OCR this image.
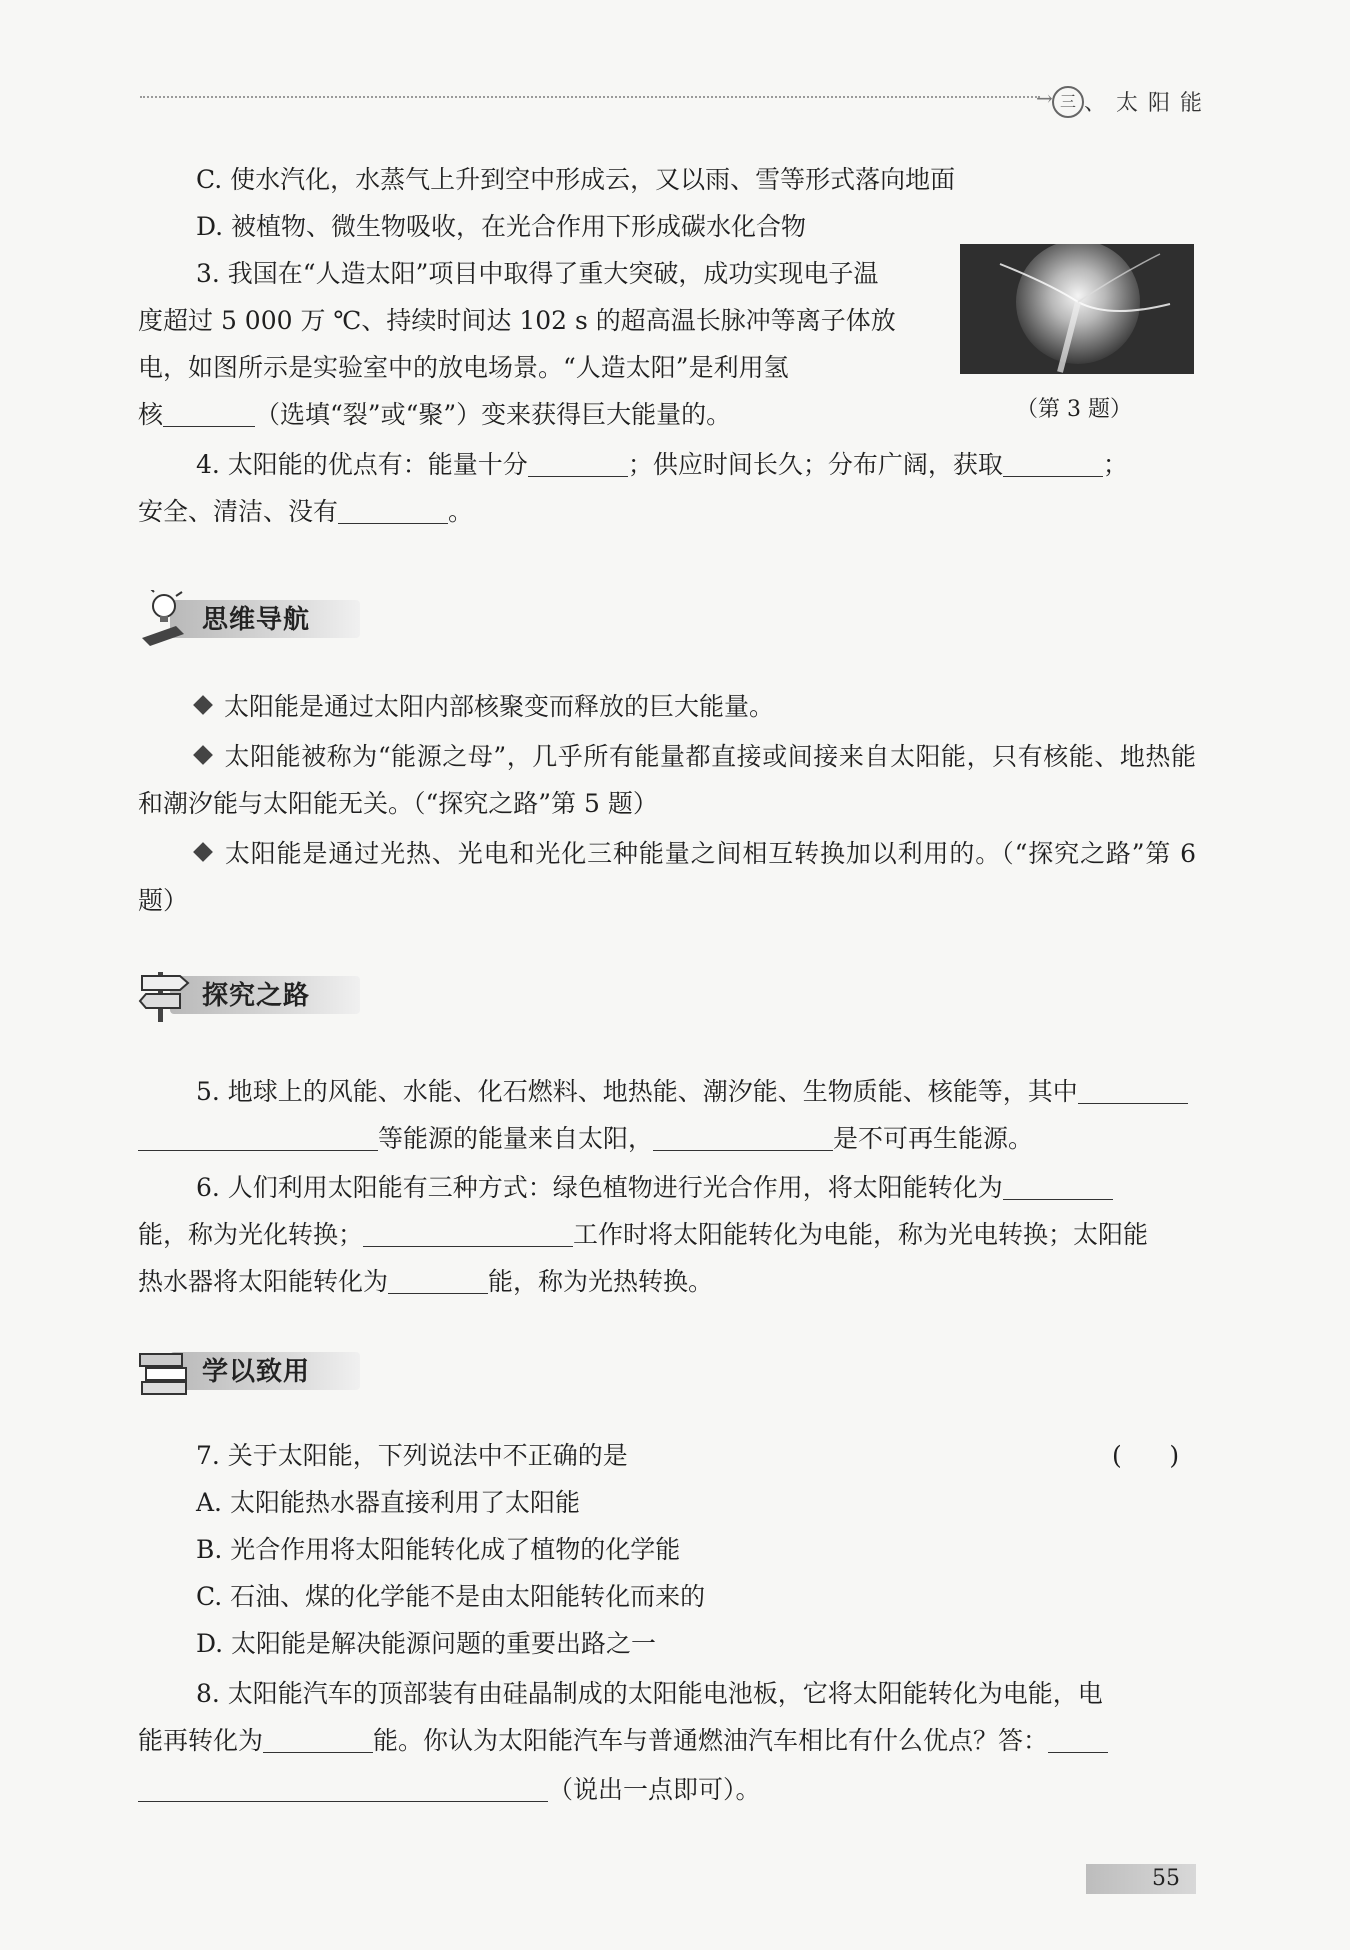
→ 三 、太阳能
C. 使水汽化，水蒸气上升到空中形成云，又以雨、雪等形式落向地面
D. 被植物、微生物吸收，在光合作用下形成碳水化合物
3. 我国在“人造太阳”项目中取得了重大突破，成功实现电子温
度超过 5 000 万 ℃、持续时间达 102 s 的超高温长脉冲等离子体放
电，如图所示是实验室中的放电场景。“人造太阳”是利用氢
核	（选填“裂”或“聚”）变来获得巨大能量的。	（第 3 题）
4. 太阳能的优点有：能量十分	；供应时间长久；分布广阔，获取	；
安全、清洁、没有	。
思维导航
太阳能是通过太阳内部核聚变而释放的巨大能量。
太阳能被称为“能源之母”，几乎所有能量都直接或间接来自太阳能，只有核能、地热能和潮汐能与太阳能无关。（“探究之路”第 5 题）
太阳能是通过光热、光电和光化三种能量之间相互转换加以利用的。（“探究之路”第 6 题）
探究之路
5. 地球上的风能、水能、化石燃料、地热能、潮汐能、生物质能、核能等，其中
等能源的能量来自太阳，	是不可再生能源。
6. 人们利用太阳能有三种方式：绿色植物进行光合作用，将太阳能转化为
能，称为光化转换；	工作时将太阳能转化为电能，称为光电转换；太阳能
热水器将太阳能转化为	能，称为光热转换。
学以致用
7. 关于太阳能，下列说法中不正确的是	(      )
A. 太阳能热水器直接利用了太阳能
B. 光合作用将太阳能转化成了植物的化学能
C. 石油、煤的化学能不是由太阳能转化而来的
D. 太阳能是解决能源问题的重要出路之一
8. 太阳能汽车的顶部装有由硅晶制成的太阳能电池板，它将太阳能转化为电能，电
能再转化为	能。你认为太阳能汽车与普通燃油汽车相比有什么优点？答：
（说出一点即可）。
55
